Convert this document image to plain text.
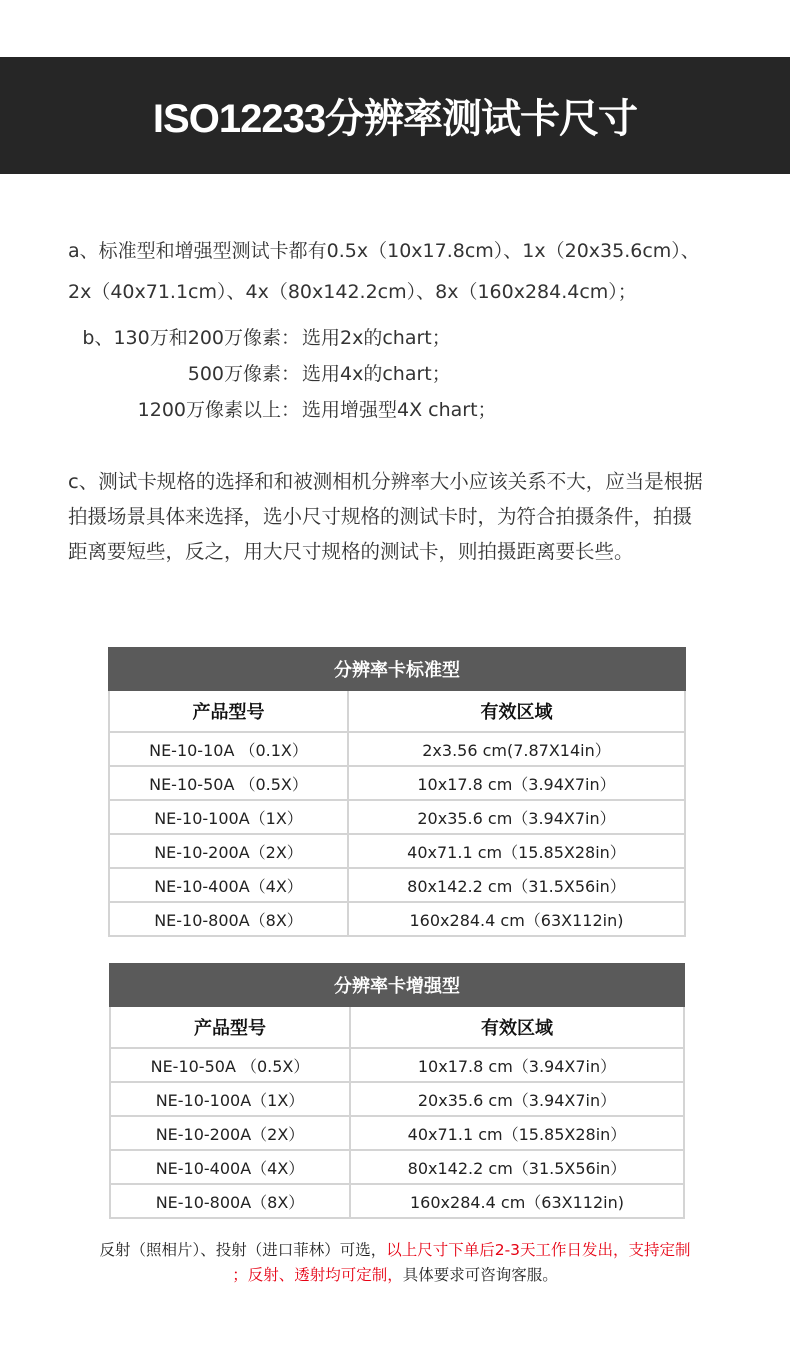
ISO12233分辨率测试卡尺寸
a、标准型和增强型测试卡都有0.5x（10x17.8cm）、1x（20x35.6cm）、
2x（40x71.1cm）、4x（80x142.2cm）、8x（160x284.4cm）；
b、130万和200万像素： 选用2x的chart；
500万像素： 选用4x的chart；
1200万像素以上： 选用增强型4X chart；
c、测试卡规格的选择和和被测相机分辨率大小应该关系不大，应当是根据
拍摄场景具体来选择，选小尺寸规格的测试卡时，为符合拍摄条件，拍摄
距离要短些，反之，用大尺寸规格的测试卡，则拍摄距离要长些。
分辨率卡标准型	
产品型号	有效区域
NE-10-10A （0.1X）	2x3.56 cm(7.87X14in）
NE-10-50A （0.5X）	10x17.8 cm（3.94X7in）
NE-10-100A（1X）	20x35.6 cm（3.94X7in）
NE-10-200A（2X）	40x71.1 cm（15.85X28in）
NE-10-400A（4X）	80x142.2 cm（31.5X56in）
NE-10-800A（8X）	160x284.4 cm（63X112in)
分辨率卡增强型	
产品型号	有效区域
NE-10-50A （0.5X）	10x17.8 cm（3.94X7in）
NE-10-100A（1X）	20x35.6 cm（3.94X7in）
NE-10-200A（2X）	40x71.1 cm（15.85X28in）
NE-10-400A（4X）	80x142.2 cm（31.5X56in）
NE-10-800A（8X）	160x284.4 cm（63X112in)
反射（照相片）、投射（进口菲林）可选，以上尺寸下单后2-3天工作日发出，支持定制
；反射、透射均可定制，具体要求可咨询客服。
